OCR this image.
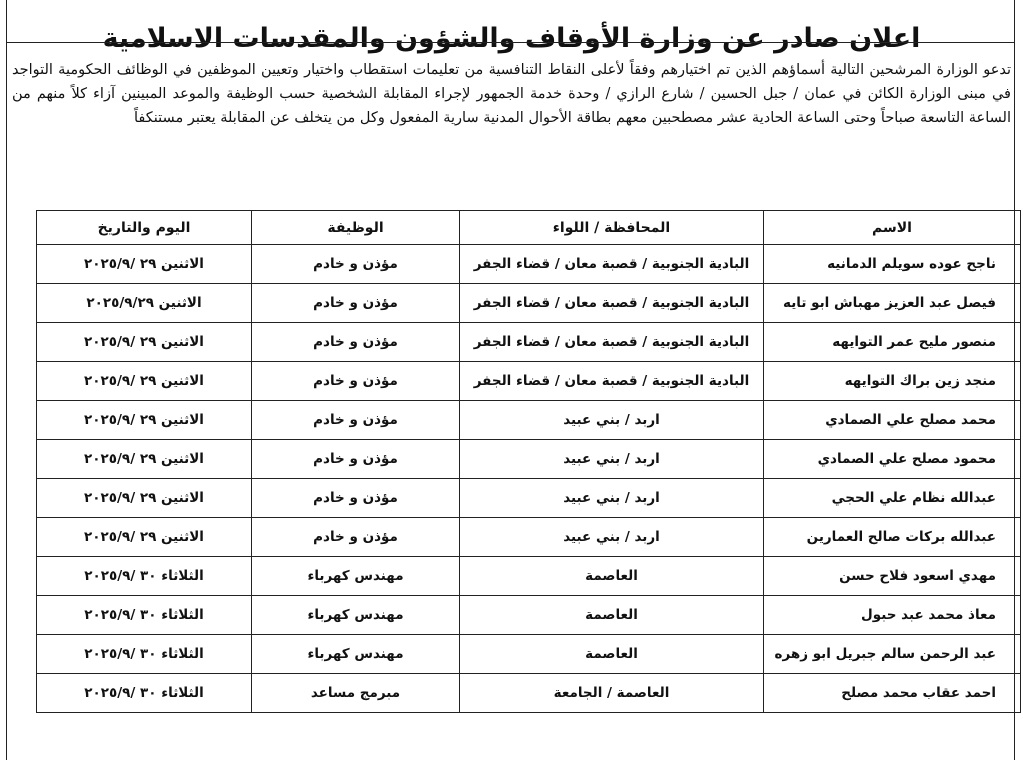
اعلان صادر عن وزارة الأوقاف والشؤون والمقدسات الاسلامية

تدعو الوزارة المرشحين التالية أسماؤهم الذين تم اختيارهم وفقاً لأعلى النقاط التنافسية من تعليمات استقطاب واختيار وتعيين الموظفين في الوظائف الحكومية التواجد في مبنى الوزارة الكائن في عمان / جبل الحسين / شارع الرازي / وحدة خدمة الجمهور لإجراء المقابلة الشخصية حسب الوظيفة والموعد المبينين آزاء كلاً منهم من الساعة التاسعة صباحاً وحتى الساعة الحادية عشر مصطحبين معهم بطاقة الأحوال المدنية سارية المفعول وكل من يتخلف عن المقابلة يعتبر مستنكفاً

الاسم	المحافظة / اللواء	الوظيفة	اليوم والتاريخ
ناجح عوده سويلم الدمانيه	البادية الجنوبية / قصبة معان / قضاء الجفر	مؤذن و خادم	الاثنين ٢٩ /٢٠٢٥/٩
فيصل عبد العزيز مهباش ابو تايه	البادية الجنوبية / قصبة معان / قضاء الجفر	مؤذن و خادم	الاثنين ٢٠٢٥/٩/٢٩
منصور مليح عمر التوايهه	البادية الجنوبية / قصبة معان / قضاء الجفر	مؤذن و خادم	الاثنين ٢٩ /٢٠٢٥/٩
منجد زين براك التوايهه	البادية الجنوبية / قصبة معان / قضاء الجفر	مؤذن و خادم	الاثنين ٢٩ /٢٠٢٥/٩
محمد مصلح علي الصمادي	اربد / بني عبيد	مؤذن و خادم	الاثنين ٢٩ /٢٠٢٥/٩
محمود مصلح علي الصمادي	اربد / بني عبيد	مؤذن و خادم	الاثنين ٢٩ /٢٠٢٥/٩
عبدالله نظام علي الحجي	اربد / بني عبيد	مؤذن و خادم	الاثنين ٢٩ /٢٠٢٥/٩
عبدالله بركات صالح العمارين	اربد / بني عبيد	مؤذن و خادم	الاثنين ٢٩ /٢٠٢٥/٩
مهدي اسعود فلاح حسن	العاصمة	مهندس كهرباء	الثلاثاء ٣٠ /٢٠٢٥/٩
معاذ محمد عبد حبول	العاصمة	مهندس كهرباء	الثلاثاء ٣٠ /٢٠٢٥/٩
عبد الرحمن سالم جبريل ابو زهره	العاصمة	مهندس كهرباء	الثلاثاء ٣٠ /٢٠٢٥/٩
احمد عقاب محمد مصلح	العاصمة / الجامعة	مبرمج مساعد	الثلاثاء ٣٠ /٢٠٢٥/٩
